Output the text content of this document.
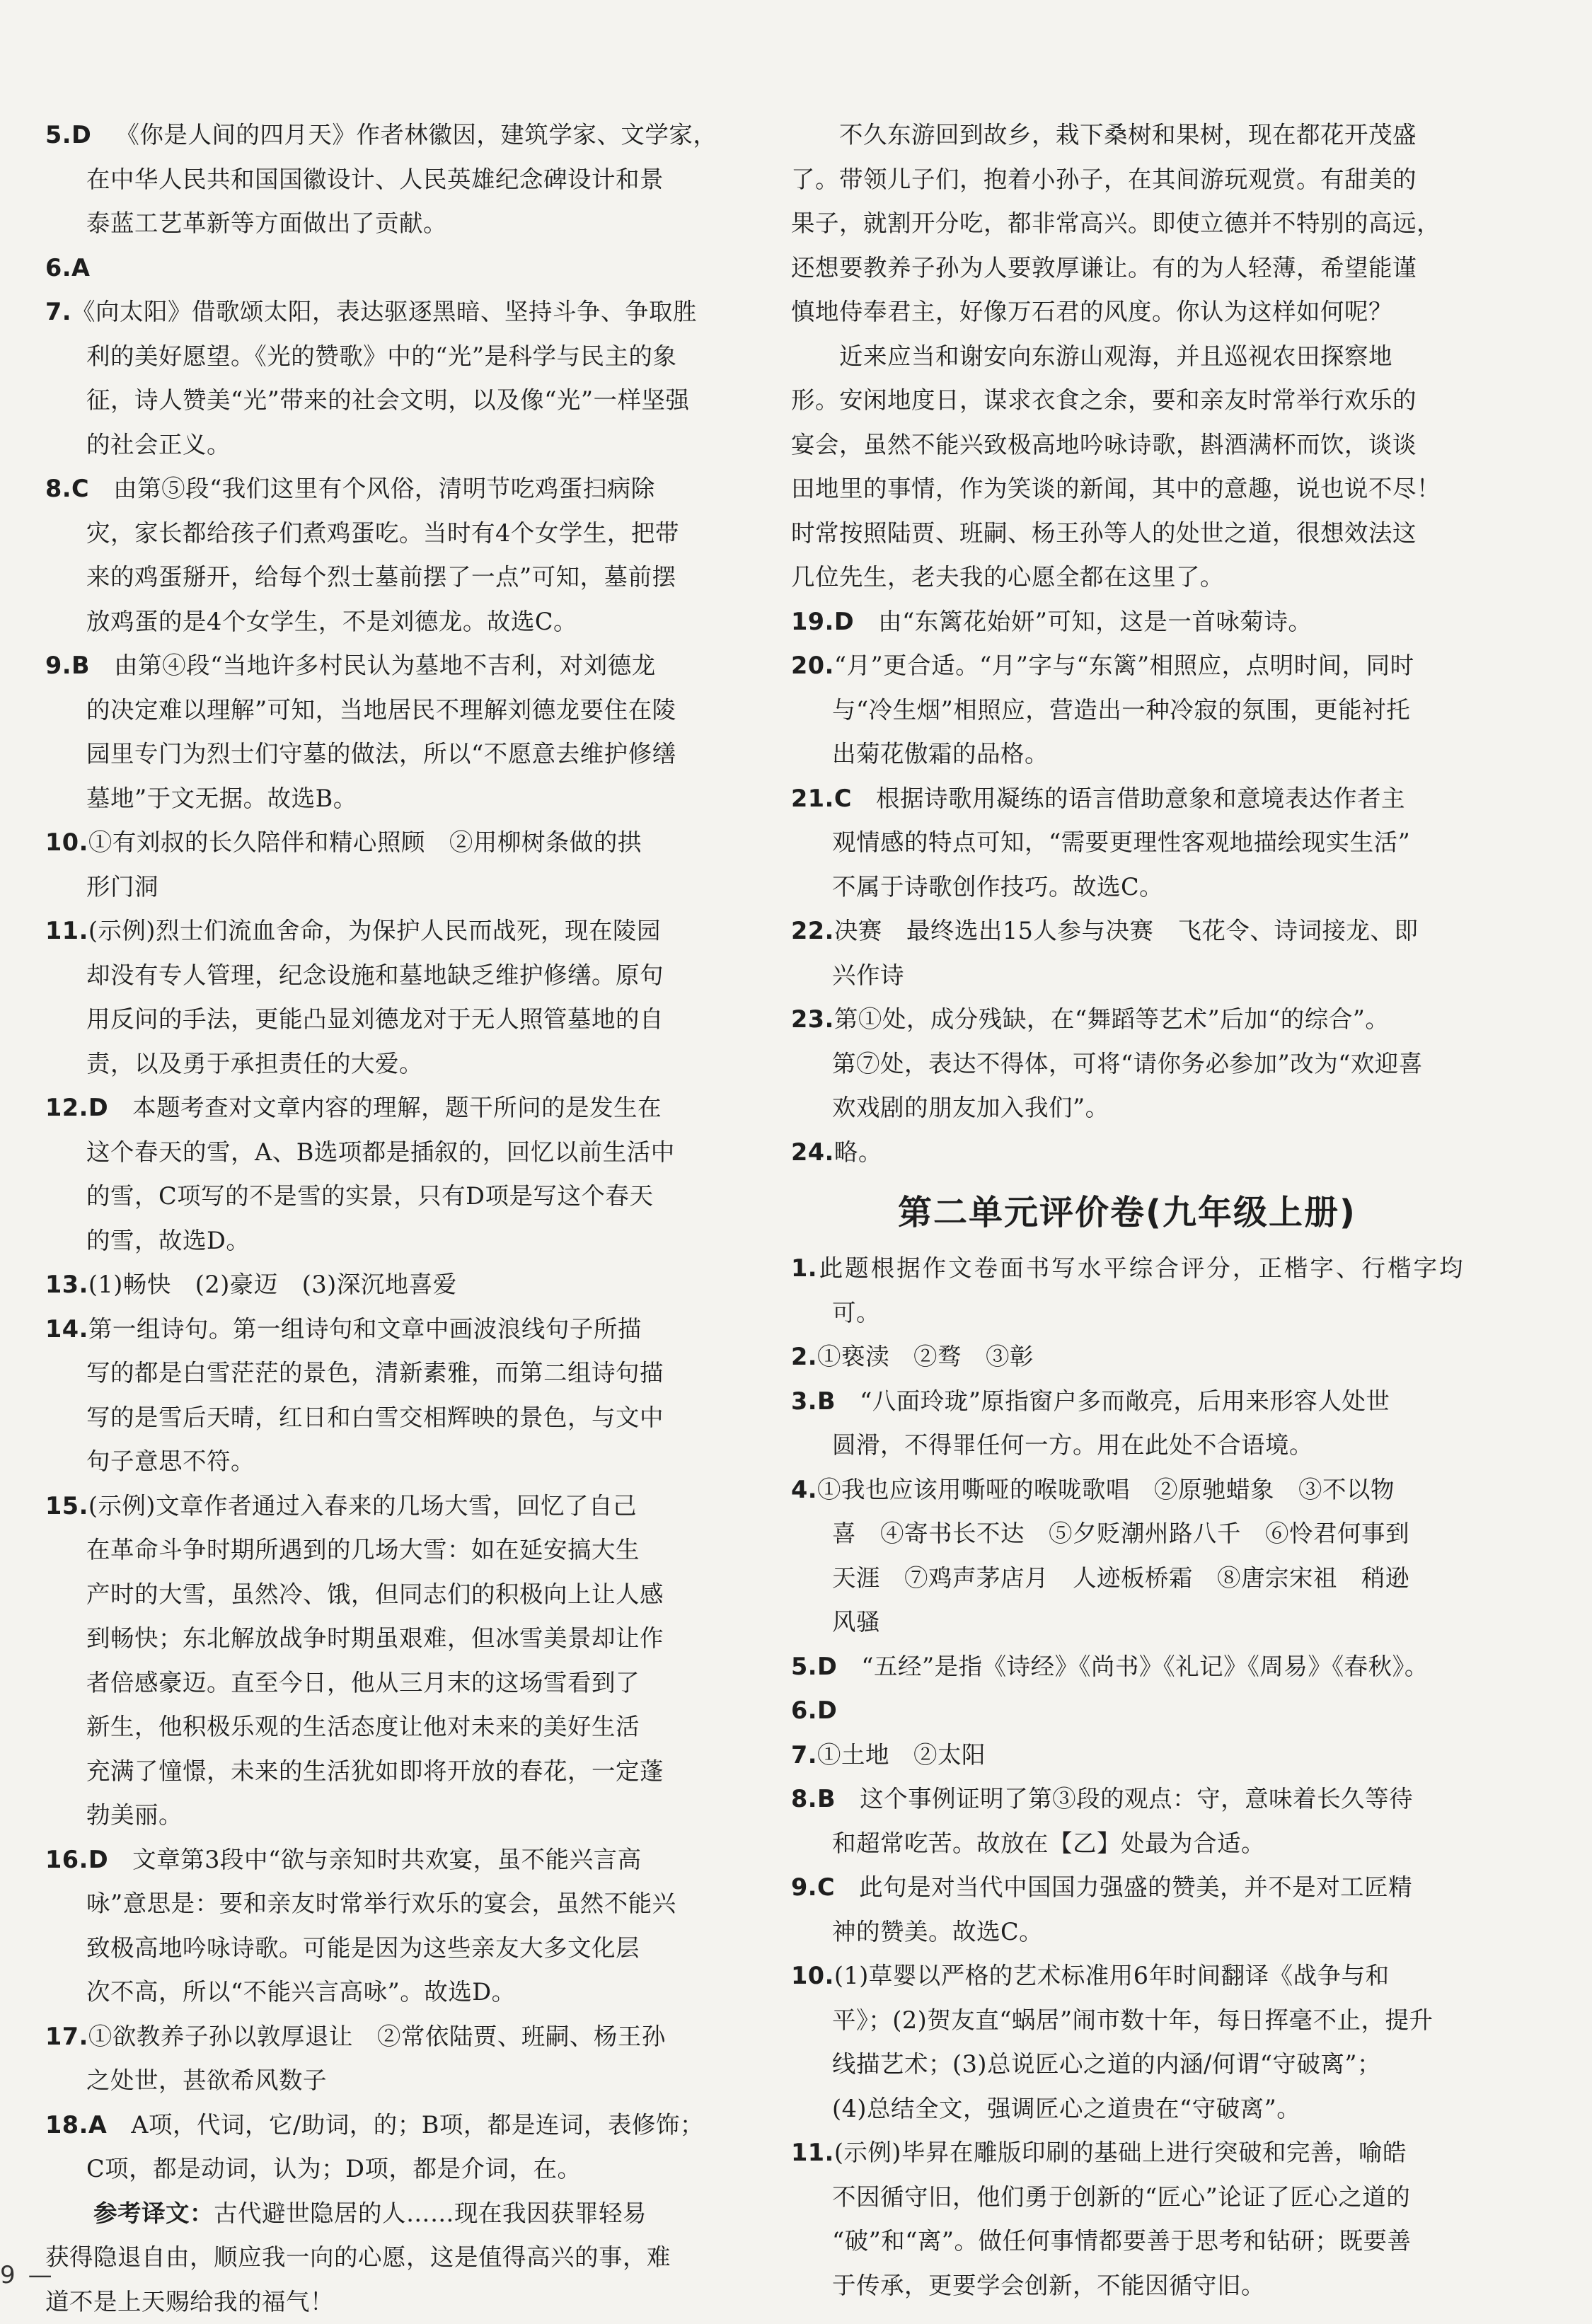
5.D 《你是人间的四月天》作者林徽因，建筑学家、文学家，
在中华人民共和国国徽设计、人民英雄纪念碑设计和景
泰蓝工艺革新等方面做出了贡献。

6.A

7.《向太阳》借歌颂太阳，表达驱逐黑暗、坚持斗争、争取胜
利的美好愿望。《光的赞歌》中的“光”是科学与民主的象
征，诗人赞美“光”带来的社会文明，以及像“光”一样坚强
的社会正义。

8.C 由第⑤段“我们这里有个风俗，清明节吃鸡蛋扫病除
灾，家长都给孩子们煮鸡蛋吃。当时有4个女学生，把带
来的鸡蛋掰开，给每个烈士墓前摆了一点”可知，墓前摆
放鸡蛋的是4个女学生，不是刘德龙。故选C。

9.B 由第④段“当地许多村民认为墓地不吉利，对刘德龙
的决定难以理解”可知，当地居民不理解刘德龙要住在陵
园里专门为烈士们守墓的做法，所以“不愿意去维护修缮
墓地”于文无据。故选B。

10.①有刘叔的长久陪伴和精心照顾　②用柳树条做的拱
形门洞

11.(示例)烈士们流血舍命，为保护人民而战死，现在陵园
却没有专人管理，纪念设施和墓地缺乏维护修缮。原句
用反问的手法，更能凸显刘德龙对于无人照管墓地的自
责，以及勇于承担责任的大爱。

12.D 本题考查对文章内容的理解，题干所问的是发生在
这个春天的雪，A、B选项都是插叙的，回忆以前生活中
的雪，C项写的不是雪的实景，只有D项是写这个春天
的雪，故选D。

13.(1)畅快　(2)豪迈　(3)深沉地喜爱

14.第一组诗句。第一组诗句和文章中画波浪线句子所描
写的都是白雪茫茫的景色，清新素雅，而第二组诗句描
写的是雪后天晴，红日和白雪交相辉映的景色，与文中
句子意思不符。

15.(示例)文章作者通过入春来的几场大雪，回忆了自己
在革命斗争时期所遇到的几场大雪：如在延安搞大生
产时的大雪，虽然冷、饿，但同志们的积极向上让人感
到畅快；东北解放战争时期虽艰难，但冰雪美景却让作
者倍感豪迈。直至今日，他从三月末的这场雪看到了
新生，他积极乐观的生活态度让他对未来的美好生活
充满了憧憬，未来的生活犹如即将开放的春花，一定蓬
勃美丽。

16.D 文章第3段中“欲与亲知时共欢宴，虽不能兴言高
咏”意思是：要和亲友时常举行欢乐的宴会，虽然不能兴
致极高地吟咏诗歌。可能是因为这些亲友大多文化层
次不高，所以“不能兴言高咏”。故选D。

17.①欲教养子孙以敦厚退让　②常依陆贾、班嗣、杨王孙
之处世，甚欲希风数子

18.A A项，代词，它/助词，的；B项，都是连词，表修饰；
C项，都是动词，认为；D项，都是介词，在。

参考译文：古代避世隐居的人……现在我因获罪轻易
获得隐退自由，顺应我一向的心愿，这是值得高兴的事，难
道不是上天赐给我的福气！

不久东游回到故乡，栽下桑树和果树，现在都花开茂盛
了。带领儿子们，抱着小孙子，在其间游玩观赏。有甜美的
果子，就割开分吃，都非常高兴。即使立德并不特别的高远，
还想要教养子孙为人要敦厚谦让。有的为人轻薄，希望能谨
慎地侍奉君主，好像万石君的风度。你认为这样如何呢？

近来应当和谢安向东游山观海，并且巡视农田探察地
形。安闲地度日，谋求衣食之余，要和亲友时常举行欢乐的
宴会，虽然不能兴致极高地吟咏诗歌，斟酒满杯而饮，谈谈
田地里的事情，作为笑谈的新闻，其中的意趣，说也说不尽！
时常按照陆贾、班嗣、杨王孙等人的处世之道，很想效法这
几位先生，老夫我的心愿全都在这里了。

19.D 由“东篱花始妍”可知，这是一首咏菊诗。

20.“月”更合适。“月”字与“东篱”相照应，点明时间，同时
与“冷生烟”相照应，营造出一种冷寂的氛围，更能衬托
出菊花傲霜的品格。

21.C 根据诗歌用凝练的语言借助意象和意境表达作者主
观情感的特点可知，“需要更理性客观地描绘现实生活”
不属于诗歌创作技巧。故选C。

22.决赛　最终选出15人参与决赛　飞花令、诗词接龙、即
兴作诗

23.第①处，成分残缺，在“舞蹈等艺术”后加“的综合”。
第⑦处，表达不得体，可将“请你务必参加”改为“欢迎喜
欢戏剧的朋友加入我们”。

24.略。

第二单元评价卷(九年级上册)

1.此题根据作文卷面书写水平综合评分，正楷字、行楷字均可。

2.①亵渎　②骛　③彰

3.B “八面玲珑”原指窗户多而敞亮，后用来形容人处世
圆滑，不得罪任何一方。用在此处不合语境。

4.①我也应该用嘶哑的喉咙歌唱　②原驰蜡象　③不以物
喜　④寄书长不达　⑤夕贬潮州路八千　⑥怜君何事到
天涯　⑦鸡声茅店月　人迹板桥霜　⑧唐宗宋祖　稍逊
风骚

5.D “五经”是指《诗经》《尚书》《礼记》《周易》《春秋》。

6.D

7.①土地　②太阳

8.B 这个事例证明了第③段的观点：守，意味着长久等待
和超常吃苦。故放在【乙】处最为合适。

9.C 此句是对当代中国国力强盛的赞美，并不是对工匠精
神的赞美。故选C。

10.(1)草婴以严格的艺术标准用6年时间翻译《战争与和
平》；(2)贺友直“蜗居”闹市数十年，每日挥毫不止，提升
线描艺术；(3)总说匠心之道的内涵/何谓“守破离”；
(4)总结全文，强调匠心之道贵在“守破离”。

11.(示例)毕昇在雕版印刷的基础上进行突破和完善，喻皓
不因循守旧，他们勇于创新的“匠心”论证了匠心之道的
“破”和“离”。做任何事情都要善于思考和钻研；既要善
于传承，更要学会创新，不能因循守旧。

9 —
